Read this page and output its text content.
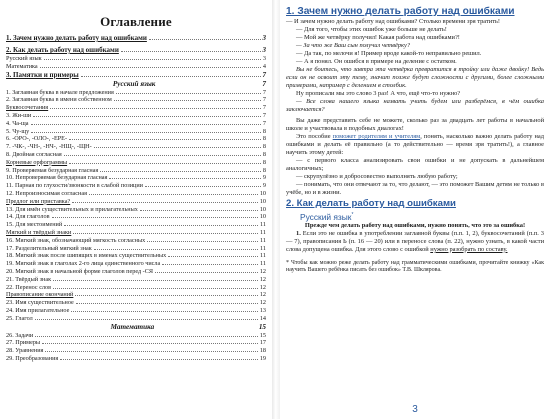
Оглавление
1. Зачем нужно делать работу над ошибками	3
2. Как делать работу над ошибками	3
Русский язык	3
Математика	4
3. Памятки и примеры	7
Русский язык	7
1. Заглавная буква в начале предложения	7
2. Заглавная буква в имени собственном	7
Буквосочетания	7
3. Жи-ши	7
4. Ча-ща	7
5. Чу-щу	8
6. -ОРО-, -ОЛО-, -ЕРЕ-	8
7. -ЧК-, -ЧН-, -НЧ-, -НЩ-, -ЩН-	8
8. Двойная согласная	8
Корневые орфограммы	8
9. Проверяемая безударная гласная	8
10. Непроверяемая безударная гласная	9
11. Парная по глухости/звонкости в слабой позиции	9
12. Непроизносимая согласная	10
Предлог или приставка?	10
13. Для имён существительных и прилагательных	10
14. Для глаголов	10
15. Для местоимений	11
Мягкий и твёрдый знаки	11
16. Мягкий знак, обозначающий мягкость согласных	11
17. Разделительный мягкий знак	11
18. Мягкий знак после шипящих в именах существительных	11
19. Мягкий знак в глаголах 2-го лица единственного числа	11
20. Мягкий знак в начальной форме глаголов перед -СЯ	12
21. Твёрдый знак	12
22. Перенос слов	12
Правописание окончаний	12
23. Имя существительное	12
24. Имя прилагательное	13
25. Глагол	14
Математика	15
26. Задачи	15
27. Примеры	17
28. Уравнения	18
29. Преобразования	19
1. Зачем нужно делать работу над ошибками
— И зачем нужно делать работу над ошибками? Столько времени зря тратить!
— Для того, чтобы этих ошибок уже больше не делать!
— Мой же четвёрку получил! Какая работа над ошибками?!
— За что же Ваш сын получил четвёрку?
— Да так, по мелочи я! Пример вроде какой-то неправильно решил.
— А я понял. Он ошибся в примере на деление с остатком.
Вы не боитесь, что завтра эта четвёрка превратится в тройку или даже двойку! Ведь если он не освоит эту тему, значит позже будут сложности с другими, более сложными примерами, например с делением в столбик.
Ну прописали мы это слово 3 раз! А что, ещё что-то нужно?
— Все слова нашего языка назвать учить будем или разберёмся, в чём ошибка заключается?
Вы даже представить себе не можете, сколько раз за двадцать лет работы в начальной школе и участвовала в подобных диалогах!
Это пособие поможет родителям и учителям, понять, насколько важно делать работу над ошибками и делать её правильно (а то действительно — время зря тратить!), а главное научить этому детей:
— с первого класса анализировать свои ошибки и не допускать в дальнейшем аналогичных;
— скрупулёзно и добросовестно выполнять любую работу;
— понимать, что они отвечают за то, что делают, — это поможет Вашим детям не только в учёбе, но и в жизни.
2. Как делать работу над ошибками
Русский язык*
Прежде чем делать работу над ошибками, нужно понять, что это за ошибка!
1. Если это не ошибка в употреблении заглавной буквы (п.п. 1, 2), буквосочетаний (п.п. 3 — 7), правописания Ь (п. 16 — 20) или в переносе слова (п. 22), нужно узнать, в какой части слова допущена ошибка. Для этого слово с ошибкой нужно разобрать по составу.
* Чтобы как можно реже делать работу над грамматическими ошибками, прочитайте книжку «Как научить Вашего ребёнка писать без ошибок» Т.В. Шклярова.
3
